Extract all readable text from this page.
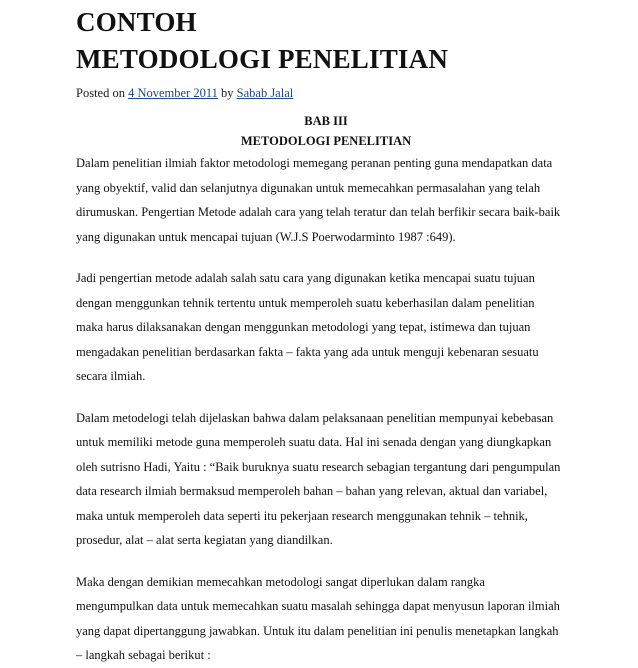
CONTOH
METODOLOGI PENELITIAN
Posted on 4 November 2011 by Sabab Jalal
BAB III
METODOLOGI PENELITIAN

Dalam penelitian ilmiah faktor metodologi memegang peranan penting guna mendapatkan data

yang obyektif, valid dan selanjutnya digunakan untuk memecahkan permasalahan yang telah

dirumuskan. Pengertian Metode adalah cara yang telah teratur dan telah berfikir secara baik-baik

yang digunakan untuk mencapai tujuan (W.J.S Poerwodarminto 1987 :649).

Jadi pengertian metode adalah salah satu cara yang digunakan ketika mencapai suatu tujuan

dengan menggunkan tehnik tertentu untuk memperoleh suatu keberhasilan dalam penelitian

maka harus dilaksanakan dengan menggunkan metodologi yang tepat, istimewa dan tujuan

mengadakan penelitian berdasarkan fakta – fakta yang ada untuk menguji kebenaran sesuatu

secara ilmiah.

Dalam metodelogi telah dijelaskan bahwa dalam pelaksanaan penelitian mempunyai kebebasan

untuk memiliki metode guna memperoleh suatu data. Hal ini senada dengan yang diungkapkan

oleh sutrisno Hadi, Yaitu : “Baik buruknya suatu research sebagian tergantung dari pengumpulan

data research ilmiah bermaksud memperoleh bahan – bahan yang relevan, aktual dan variabel,

maka untuk memperoleh data seperti itu pekerjaan research menggunakan tehnik – tehnik,

prosedur, alat – alat serta kegiatan yang diandilkan.

Maka dengan demikian memecahkan metodologi sangat diperlukan dalam rangka

mengumpulkan data untuk memecahkan suatu masalah sehingga dapat menyusun laporan ilmiah

yang dapat dipertanggung jawabkan. Untuk itu dalam penelitian ini penulis menetapkan langkah

– langkah sebagai berikut :
